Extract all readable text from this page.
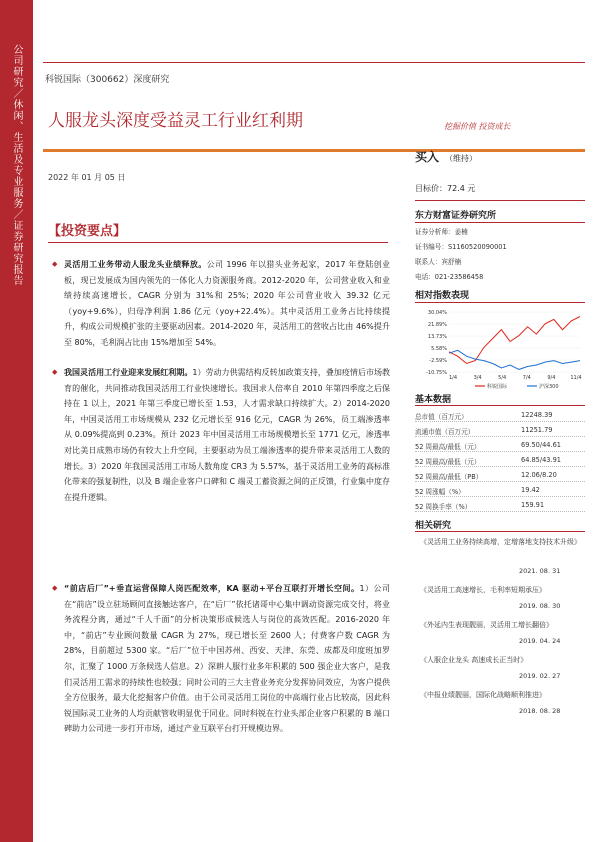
公司研究／休闲、生活及专业服务／证券研究报告	科锐国际（300662）深度研究
人服龙头深度受益灵工行业红利期	挖掘价值 投资成长
2022 年 01 月 05 日
【投资要点】
◆ 灵活用工业务带动人服龙头业绩释放。公司 1996 年以猎头业务起家，2017 年登陆创业板，现已发展成为国内领先的一体化人力资源服务商。2012-2020 年，公司营业收入和业绩持续高速增长，CAGR 分别为 31%和 25%；2020 年公司营业收入 39.32 亿元（yoy+9.6%），归母净利润 1.86 亿元（yoy+22.4%）。其中灵活用工业务占比持续提升，构成公司规模扩张的主要驱动因素。2014-2020 年，灵活用工的营收占比由 46%提升至 80%，毛利润占比由 15%增加至 54%。
◆ 我国灵活用工行业迎来发展红利期。1）劳动力供需结构反转加政策支持，叠加疫情后市场教育的催化，共同推动我国灵活用工行业快速增长。我国求人倍率自 2010 年第四季度之后保持在 1 以上，2021 年第三季度已增长至 1.53，人才需求缺口持续扩大。2）2014-2020 年，中国灵活用工市场规模从 232 亿元增长至 916 亿元，CAGR 为 26%，员工端渗透率从 0.09%提高到 0.23%。预计 2023 年中国灵活用工市场规模增长至 1771 亿元，渗透率对比美日成熟市场仍有较大上升空间，主要驱动为员工端渗透率的提升带来灵活用工人数的增长。3）2020 年我国灵活用工市场人数角度 CR3 为 5.57%，基于灵活用工业务的高标准化带来的强复制性，以及 B 端企业客户口碑和 C 端灵工蓄资源之间的正反馈，行业集中度存在提升逻辑。
◆ “前店后厂”+垂直运营保障人岗匹配效率，KA 驱动+平台互联打开增长空间。1）公司在“前店”设立驻场顾问直接触达客户，在“后厂”依托诸哥中心集中调动资源完成交付，将业务流程分离，通过“千人千面”的分析决策形成候选人与岗位的高效匹配。2016-2020 年中，“前店”专业顾问数量 CAGR 为 27%，现已增长至 2600 人；付费客户数 CAGR 为 28%，目前超过 5300 家。“后厂”位于中国苏州、西安、天津、东莞、成都及印度班加罗尔，汇聚了 1000 万条候选人信息。2）深耕人服行业多年积累的 500 强企业大客户，是我们灵活用工需求的持续性也较强；同时公司的三大主营业务充分发挥协同效应，为客户提供全方位服务，最大化挖掘客户价值。由于公司灵活用工岗位的中高端行业占比较高，因此科锐国际灵工业务的人均贡献管收明显优于同业。同时科锐在行业头部企业客户积累的 B 端口碑助力公司进一步打开市场，通过产业互联平台打开规模边界。
买入 （维持）
目标价：72.4 元
东方财富证券研究所
证券分析师：姜楠
证书编号：S1160520090001
联系人：宾舒楠
电话：021-23586458
相对指数表现
30.04%
21.89%
13.73%
5.58%
-2.59%
-10.75%
1/4	3/4	5/4	7/4	9/4	11/4
科锐国际	沪深300
基本数据
总市值（百万元）	12248.39
流通市值（百万元）	11251.79
52 周最高/最低（元）	69.50/44.61
52 周最高/最低（元）	64.85/43.91
52 周最高/最低（PB）	12.06/8.20
52 周涨幅（%）	19.42
52 周换手率（%）	159.91
相关研究
《灵活用工业务持续高增，定增落地支持技术升级》
2021. 08. 31
《灵活用工高速增长，毛利率短期承压》
2019. 08. 30
《外延内生表现靓丽，灵活用工增长翻倍》
2019. 04. 24
《人服企业龙头 高速成长正当时》
2019. 02. 27
《中报业绩靓丽，国际化战略顺利推进》
2018. 08. 28
